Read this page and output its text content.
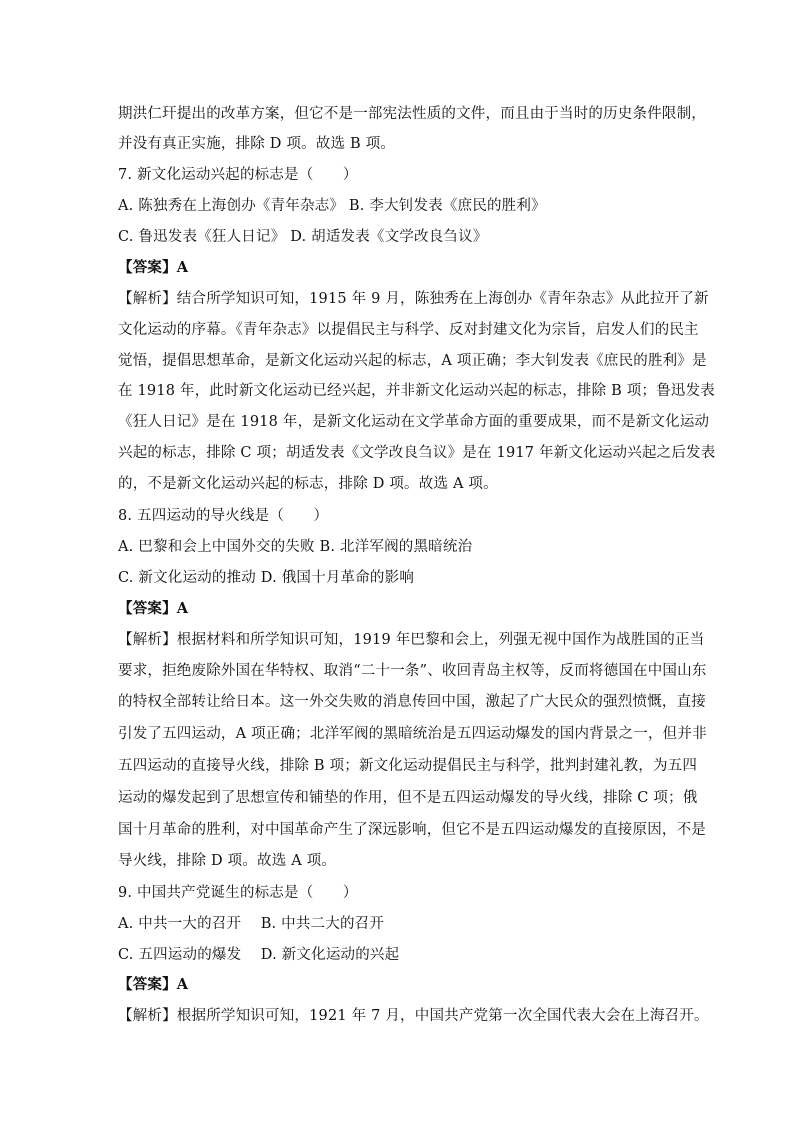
期洪仁玕提出的改革方案，但它不是一部宪法性质的文件，而且由于当时的历史条件限制，
并没有真正实施，排除 D 项。故选 B 项。
7. 新文化运动兴起的标志是（　　）
A. 陈独秀在上海创办《青年杂志》 B. 李大钊发表《庶民的胜利》
C. 鲁迅发表《狂人日记》 D. 胡适发表《文学改良刍议》
【答案】A
【解析】结合所学知识可知，1915 年 9 月，陈独秀在上海创办《青年杂志》从此拉开了新
文化运动的序幕。《青年杂志》以提倡民主与科学、反对封建文化为宗旨，启发人们的民主
觉悟，提倡思想革命，是新文化运动兴起的标志，A 项正确；李大钊发表《庶民的胜利》是
在 1918 年，此时新文化运动已经兴起，并非新文化运动兴起的标志，排除 B 项；鲁迅发表
《狂人日记》是在 1918 年，是新文化运动在文学革命方面的重要成果，而不是新文化运动
兴起的标志，排除 C 项；胡适发表《文学改良刍议》是在 1917 年新文化运动兴起之后发表
的，不是新文化运动兴起的标志，排除 D 项。故选 A 项。
8. 五四运动的导火线是（　　）
A. 巴黎和会上中国外交的失败 B. 北洋军阀的黑暗统治
C. 新文化运动的推动 D. 俄国十月革命的影响
【答案】A
【解析】根据材料和所学知识可知，1919 年巴黎和会上，列强无视中国作为战胜国的正当
要求，拒绝废除外国在华特权、取消“二十一条”、收回青岛主权等，反而将德国在中国山东
的特权全部转让给日本。这一外交失败的消息传回中国，激起了广大民众的强烈愤慨，直接
引发了五四运动，A 项正确；北洋军阀的黑暗统治是五四运动爆发的国内背景之一，但并非
五四运动的直接导火线，排除 B 项；新文化运动提倡民主与科学，批判封建礼教，为五四
运动的爆发起到了思想宣传和铺垫的作用，但不是五四运动爆发的导火线，排除 C 项；俄
国十月革命的胜利，对中国革命产生了深远影响，但它不是五四运动爆发的直接原因，不是
导火线，排除 D 项。故选 A 项。
9. 中国共产党诞生的标志是（　　）
A. 中共一大的召开　 B. 中共二大的召开
C. 五四运动的爆发　 D. 新文化运动的兴起
【答案】A
【解析】根据所学知识可知，1921 年 7 月，中国共产党第一次全国代表大会在上海召开。
